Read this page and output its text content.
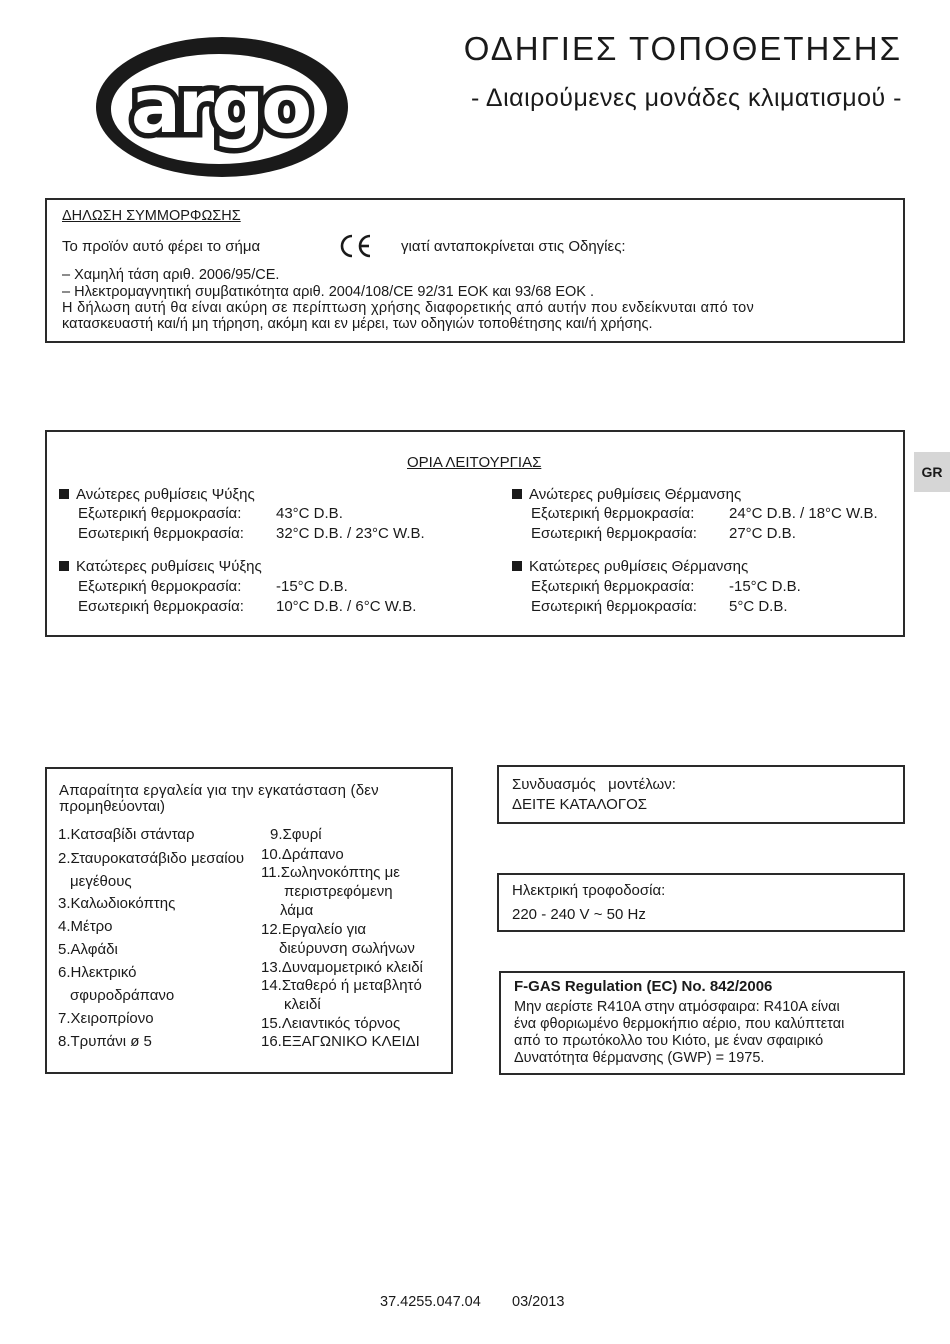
argo
ΟΔΗΓΙΕΣ ΤΟΠΟΘΕΤΗΣΗΣ
- Διαιρούμενες μονάδες κλιματισμού -
ΔΗΛΩΣΗ ΣΥΜΜΟΡΦΩΣΗΣ
Το προϊόν αυτό φέρει το σήμα	γιατί ανταποκρίνεται στις Οδηγίες:
– Χαμηλή τάση αριθ. 2006/95/CE.
– Ηλεκτρομαγνητική συμβατικότητα αριθ. 2004/108/CE 92/31 ΕΟΚ και 93/68 ΕΟΚ .
Η δήλωση αυτή θα είναι ακύρη σε περίπτωση χρήσης διαφορετικής από αυτήν που ενδείκνυται από τον
κατασκευαστή και/ή μη τήρηση, ακόμη και εν μέρει, των οδηγιών τοποθέτησης και/ή χρήσης.
CE
GR
ΟΡΙΑ ΛΕΙΤΟΥΡΓΙΑΣ
Ανώτερες ρυθμίσεις Ψύξης
Εξωτερική θερμοκρασία: 43°C D.B.
Εσωτερική θερμοκρασία: 32°C D.B. / 23°C W.B.
Κατώτερες ρυθμίσεις Ψύξης
Εξωτερική θερμοκρασία: -15°C D.B.
Εσωτερική θερμοκρασία: 10°C D.B. / 6°C W.B.
Ανώτερες ρυθμίσεις Θέρμανσης
Εξωτερική θερμοκρασία: 24°C D.B. / 18°C W.B.
Εσωτερική θερμοκρασία: 27°C D.B.
Κατώτερες ρυθμίσεις Θέρμανσης
Εξωτερική θερμοκρασία: -15°C D.B.
Εσωτερική θερμοκρασία: 5°C D.B.
Απαραίτητα εργαλεία για την εγκατάσταση (δεν
προμηθεύονται)
1.Κατσαβίδι στάνταρ
2.Σταυροκατσάβιδο μεσαίου
μεγέθους
3.Καλωδιοκόπτης
4.Μέτρο
5.Αλφάδι
6.Ηλεκτρικό
σφυροδράπανο
7.Χειροπρίονο
8.Τρυπάνι ø 5
9.Σφυρί
10.Δράπανο
11.Σωληνοκόπτης με
περιστρεφόμενη
λάμα
12.Εργαλείο για
διεύρυνση σωλήνων
13.Δυναμομετρικό κλειδί
14.Σταθερό ή μεταβλητό
κλειδί
15.Λειαντικός τόρνος
16.ΕΞΑΓΩΝΙΚΟ ΚΛΕΙΔΙ
Συνδυασμός   μοντέλων:
ΔΕΙΤΕ ΚΑΤΑΛΟΓΟΣ
Ηλεκτρική τροφοδοσία:
220 - 240 V ~ 50 Hz
F-GAS Regulation (EC) No. 842/2006
Μην αερίστε R410A στην ατμόσφαιρα: R410A είναι
ένα φθοριωμένο θερμοκήπιο αέριο, που καλύπτεται
από το πρωτόκολλο του Κιότο, με έναν σφαιρικό
Δυνατότητα θέρμανσης (GWP) = 1975.
37.4255.047.04 03/2013
